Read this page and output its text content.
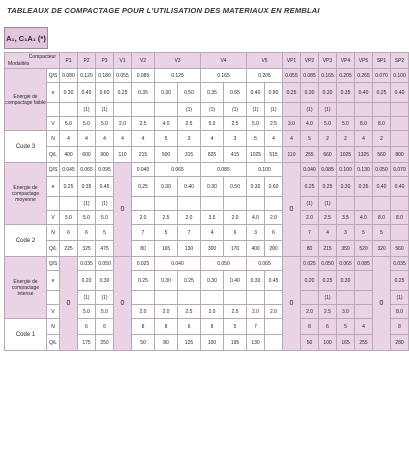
TABLEAUX DE COMPACTAGE POUR L'UTILISATION DES MATERIAUX EN REMBLAI
A₁, C₁A₁ (*)
Compacteur
Modalités		P1	P2	P3	V1	V2	V3		V4		V5		VP1	VP2	VP3	VP4	VP5	SP1	SP2		
Energie de compactage faible	Q/S	0.080	0.120	0.180	0.055	0.085	0.125		0.165		0.205		0.055	0.085	0.165	0.205	0.265	0.070	0.100		
	e	0.30	0.45	0.60	0.25	0.35	0.30	0.50	0.35	0.65	0.40	0.80	0.25	0.30	0.30	0.35	0.40	0.25	0.40	
			(1)	(1)				(1)	(1)	(1)	(1)	(1)		(1)	(1)					
	V	5.0	5.0	5.0	2.0	2.5	4.0	2.5	5.0	2.5	5.0	2.5	3.0	4.0	5.0	5.0	8.0	8.0		
Code 3	N	4	4	4	4	4	5	3	4	3	5	4	4	5	2	2	4	2		
	Q/L	400	600	900	110	215	500	315	825	415	1025	515	110	255	660	1025	1325	560	800	
Energie de compactage moyenne	Q/S	0.045	0.065	0.095	0	0.040	0.065		0.085		0.100		0	0.040	0.085	0.100	0.130	0.050	0.070		
	e	0.25	0.35	0.45		0.25	0.30	0.40	0.30	0.50	0.30	0.60		0.25	0.25	0.30	0.35	0.40	0.40	
			(1)	(1)										(1)	(1)					
	V	5.0	5.0	5.0		2.0	2.5	2.0	3.5	2.0	4.0	2.0		2.0	2.5	3.5	4.0	8.0	8.0	
Code 2	N	6	6	5		7	5	7	4	6	3	6		7	4	3	5	5		
	Q/L	225	325	475		80	165	130	300	170	400	200		80	215	350	520	320	560	
Energie de compactage intense	Q/S	0	0.035	0.050	0	0.025	0.040		0.050		0.065		0	0.025	0.050	0.065	0.085	0	0.035		
	e		0.20	0.30		0.25	0.30	0.25	0.30	0.40	0.30	0.45		0.20	0.25	0.30			0.25	
			(1)	(1)											(1)				(1)	
	V		5.0	5.0		2.0	2.0	2.5	2.0	2.5	2.0	2.0		2.0	2.5	3.0			8.0	
Code 1	N		6	6		8	8	6	8	5	7			8	6	5	4		8	
	Q/L		175	250		50	80	125	100	195	130			50	100	165	255		280	
